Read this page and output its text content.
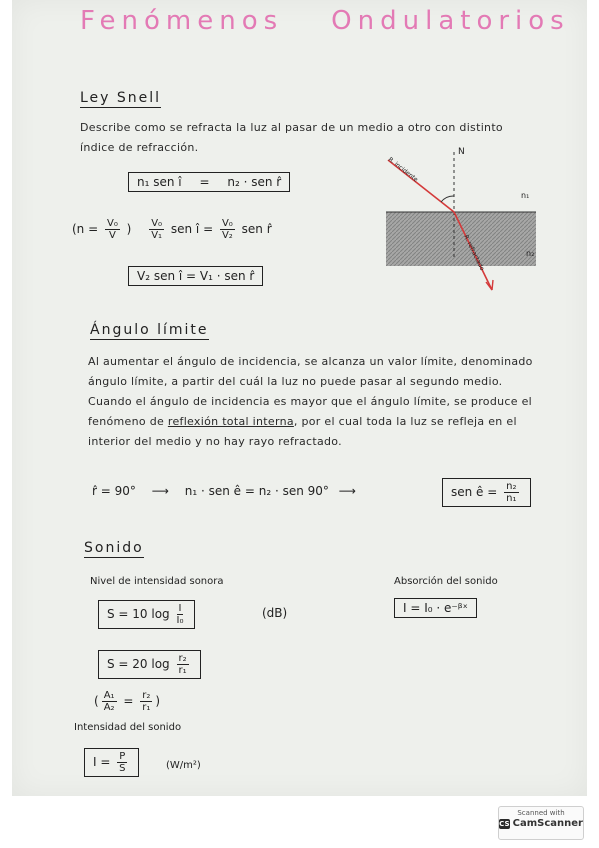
Fenómenos Ondulatorios
Ley Snell
Describe como se refracta la luz al pasar de un medio a otro con distinto índice de refracción.
n₁ sen î = n₂ · sen r̂
($n = \frac{\text{V₀}}{V}$ ) $\frac{\text{V₀}}{\text{V₁}}$ sen î = $\frac{\text{V₀}}{\text{V₂}}$ sen r̂
V₂ sen î = V₁ · sen r̂
N
R. incidente
R. refractado
n₁
n₂
Ángulo límite
Al aumentar el ángulo de incidencia, se alcanza un valor límite, denominado ángulo límite, a partir del cuál la luz no puede pasar al segundo medio. Cuando el ángulo de incidencia es mayor que el ángulo límite, se produce el fenómeno de reflexión total interna, por el cual toda la luz se refleja en el interior del medio y no hay rayo refractado.
r̂ = 90° ⟶ n₁ · sen ê = n₂ · sen 90° ⟶	sen ê = $\frac{\text{n₂}}{\text{n₁}}$
Sonido
Nivel de intensidad sonora
S = 10 $\log \frac{I}{\text{I₀}}$	(dB)
S = 20 $\log \frac{\text{r₂}}{\text{r₁}}$
( $\frac{\text{A₁}}{\text{A₂}} = \frac{\text{r₂}}{\text{r₁}}$ )
Intensidad del sonido
$I = \frac{P}{S}$	(W/m²)
Absorción del sonido
I = I₀ · e⁻ᵝˣ
Scanned with
CS CamScanner
